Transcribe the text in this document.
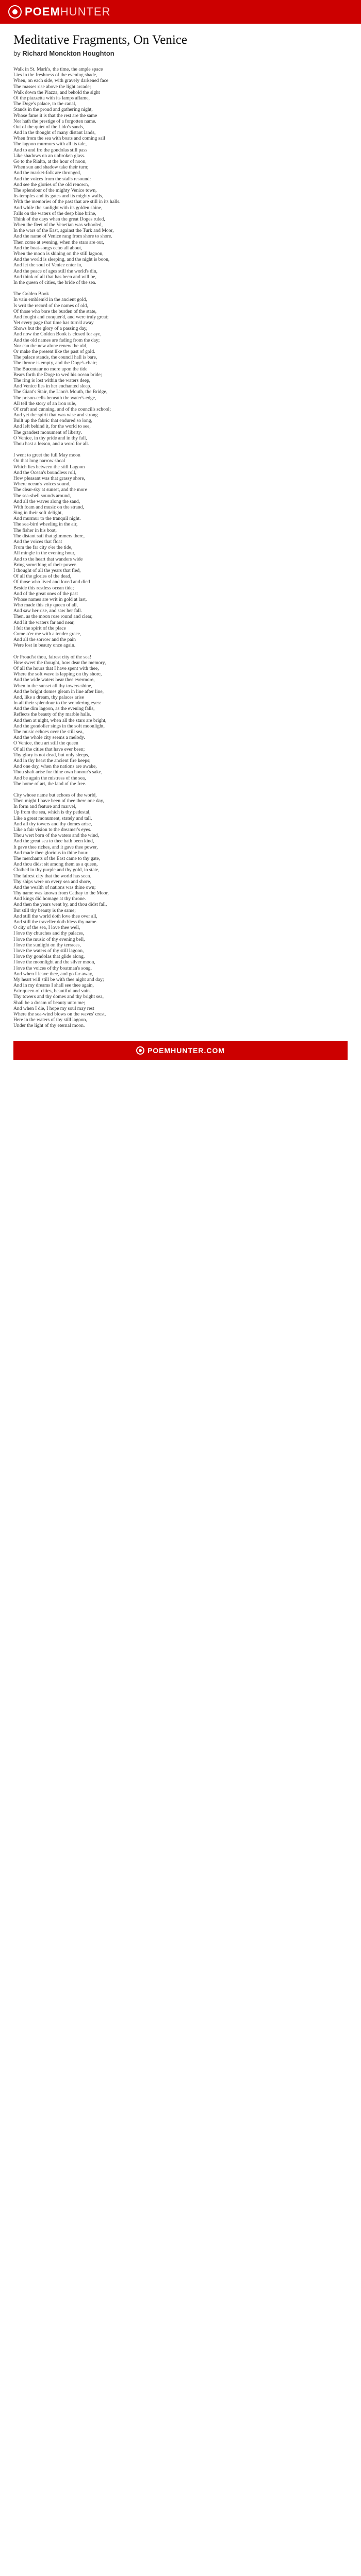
POEM HUNTER
Meditative Fragments, On Venice
by Richard Monckton Houghton
Walk in St. Mark's, the time, the ample space
Lies in the freshness of the evening shade,
When, on each side, with gravely darkened face
The masses rise above the light arcade;
Walk down the Piazza, and behold the sight
Of the piazzetta with its lamps aflame,
The Doge's palace, to the canal,
Stands in the proud and gathering night,
Whose fame it is that the rest are the same
Nor hath the prestige of a forgotten name.
Out of the quiet of the Lido's sands,
And in the thought of many distant lands,
When from the sea with boats and coming sail
The lagoon murmurs with all its tale,
And to and fro the gondolas still pass
Like shadows on an unbroken glass.
Go to the Rialto, at the hour of noon,
When sun and shadow take their turn;
And the market-folk are thronged,
And the voices from the stalls resound:
And see the glories of the old renown,
The splendour of the mighty Venice town,
Its temples and its gates and its mighty walls,
With the memories of the past that are still in its halls.
And while the sunlight with its golden shine,
Falls on the waters of the deep blue brine,
Think of the days when the great Doges ruled,
When the fleet of the Venetian was schooled,
In the wars of the East, against the Turk and Moor,
And the name of Venice rang from shore to shore.
Then come at evening, when the stars are out,
And the boat-songs echo all about,
When the moon is shining on the still lagoon,
And the world is sleeping, and the night is boon,
And let the soul of Venice enter in,
And the peace of ages still the world's din,
And think of all that has been and will be,
In the queen of cities, the bride of the sea.
The Golden Book
In vain emblem'd in the ancient gold,
Is writ the record of the names of old,
Of those who bore the burden of the state,
And fought and conquer'd, and were truly great;
Yet every page that time has turn'd away
Shows but the glory of a passing day,
And now the Golden Book is closed for aye,
And the old names are fading from the day;
Nor can the new alone renew the old,
Or make the present like the past of gold.
The palace stands, the council hall is bare,
The throne is empty, and the Doge's chair;
The Bucentaur no more upon the tide
Bears forth the Doge to wed his ocean bride;
The ring is lost within the waters deep,
And Venice lies in her enchanted sleep.
The Giant's Stair, the Lion's Mouth, the Bridge,
The prison-cells beneath the water's edge,
All tell the story of an iron rule,
Of craft and cunning, and of the council's school;
And yet the spirit that was wise and strong
Built up the fabric that endured so long,
And left behind it, for the world to see,
The grandest monument of liberty.
O Venice, in thy pride and in thy fall,
Thou hast a lesson, and a word for all.
I went to greet the full May moon
On that long narrow shoal
Which lies between the still Lagoon
And the Ocean's boundless roll,
How pleasant was that grassy shore,
Where ocean's voices sound,
The clear-sky at sunset, and the more
The sea-shell sounds around,
And all the waves along the sand,
With foam and music on the strand,
Sing in their soft delight,
And murmur to the tranquil night.
The sea-bird wheeling in the air,
The fisher in his boat,
The distant sail that glimmers there,
And the voices that float
From the far city o'er the tide,
All mingle in the evening hour,
And to the heart that wanders wide
Bring something of their power.
I thought of all the years that fled,
Of all the glories of the dead,
Of those who lived and loved and died
Beside this restless ocean tide;
And of the great ones of the past
Whose names are writ in gold at last,
Who made this city queen of all,
And saw her rise, and saw her fall.
Then, as the moon rose round and clear,
And lit the waters far and near,
I felt the spirit of the place
Come o'er me with a tender grace,
And all the sorrow and the pain
Were lost in beauty once again.
Or Proud'st thou, fairest city of the sea!
How sweet the thought, how dear the memory,
Of all the hours that I have spent with thee,
Where the soft wave is lapping on thy shore,
And the wide waters hear thee evermore,
When in the sunset all thy towers shine,
And the bright domes gleam in line after line,
And, like a dream, thy palaces arise
In all their splendour to the wondering eyes:
And the dim lagoon, as the evening falls,
Reflects the beauty of thy marble halls.
And then at night, when all the stars are bright,
And the gondolier sings in the soft moonlight,
The music echoes over the still sea,
And the whole city seems a melody.
O Venice, thou art still the queen
Of all the cities that have ever been;
Thy glory is not dead, but only sleeps,
And in thy heart the ancient fire keeps;
And one day, when the nations are awake,
Thou shalt arise for thine own honour's sake,
And be again the mistress of the sea,
The home of art, the land of the free.
City whose name but echoes of the world,
Then might I have been of thee there one day,
In form and feature and marvel,
Up from the sea, which is thy pedestal,
Like a great monument, stately and tall,
And all thy towers and thy domes arise,
Like a fair vision to the dreamer's eyes.
Thou wert born of the waters and the wind,
And the great sea to thee hath been kind,
It gave thee riches, and it gave thee power,
And made thee glorious in thine hour.
The merchants of the East came to thy gate,
And thou didst sit among them as a queen,
Clothed in thy purple and thy gold, in state,
The fairest city that the world has seen.
Thy ships were on every sea and shore,
And the wealth of nations was thine own;
Thy name was known from Cathay to the Moor,
And kings did homage at thy throne.
And then the years went by, and thou didst fall,
But still thy beauty is the same;
And still the world doth love thee over all,
And still the traveller doth bless thy name.
O city of the sea, I love thee well,
I love thy churches and thy palaces,
I love the music of thy evening bell,
I love the sunlight on thy terraces,
I love the waters of thy still lagoon,
I love thy gondolas that glide along,
I love the moonlight and the silver moon,
I love the voices of thy boatman's song.
And when I leave thee, and go far away,
My heart will still be with thee night and day;
And in my dreams I shall see thee again,
Fair queen of cities, beautiful and vain.
Thy towers and thy domes and thy bright sea,
Shall be a dream of beauty unto me;
And when I die, I hope my soul may rest
Where the sea-wind blows on the waves' crest,
Here in the waters of thy still lagoon,
Under the light of thy eternal moon.
POEMHUNTER.COM
